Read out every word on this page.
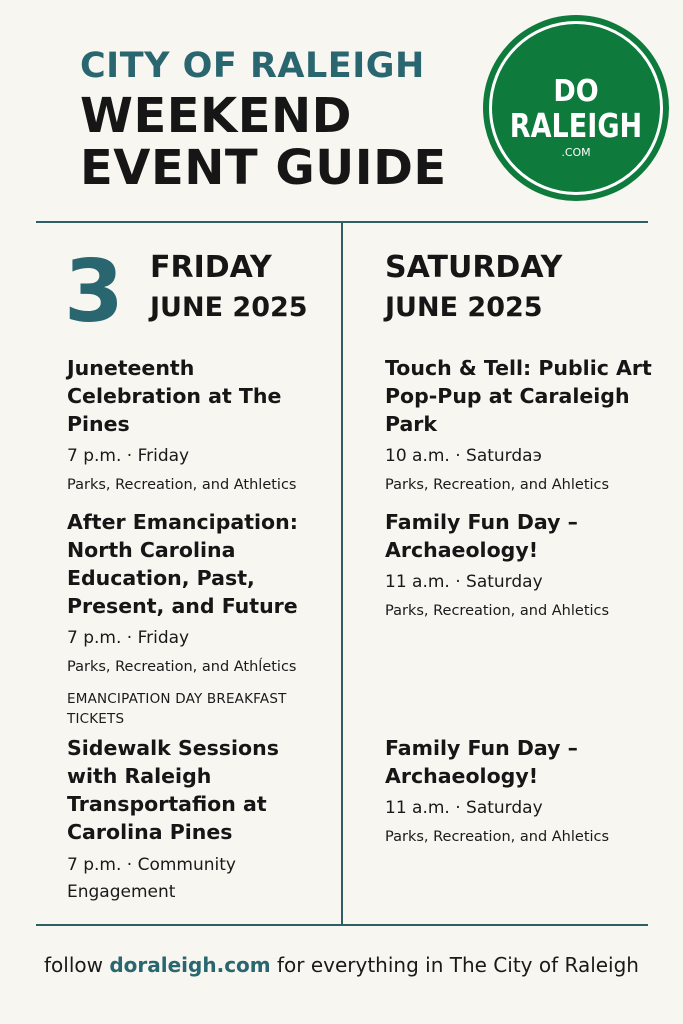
CITY OF RALEIGH
WEEKEND
EVENT GUIDE
DO
RALEIGH
.COM
3 FRIDAY
JUNE 2025
Juneteenth Celebration at The Pines
7 p.m. · Friday
Parks, Recreation, and Athletics
After Emancipation: North Carolina Education, Past, Present, and Future
7 p.m. · Friday
Parks, Recreation, and Athĺetics
EMANCIPATION DAY BREAKFAST TICKETS
Sidewalk Sessions with Raleigh Transportafion at Carolina Pines
7 p.m. · Community Engagement
SATURDAY
JUNE 2025
Touch & Tell: Public Art Pop-Pup at Caraleigh Park
10 a.m. · Saturdaэ
Parks, Recreation, and Ahletics
Family Fun Day – Archaeology!
11 a.m. · Saturday
Parks, Recreation, and Ahletics
Family Fun Day – Archaeology!
11 a.m. · Saturday
Parks, Recreation, and Ahletics
follow doraleigh.com for everything in The City of Raleigh
